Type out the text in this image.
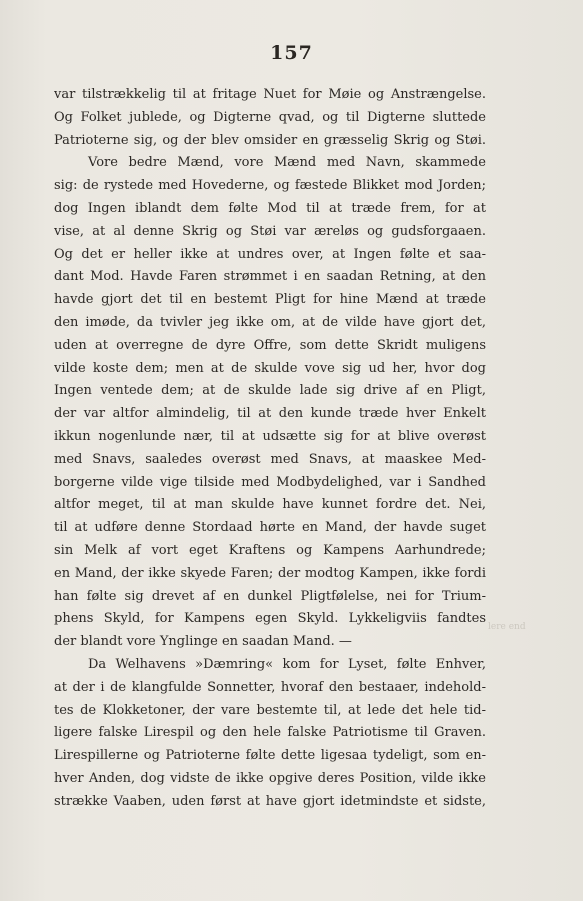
157
var tilstrækkelig til at fritage Nuet for Møie og Anstrængelse.
Og Folket jublede, og Digterne qvad, og til Digterne sluttede
Patrioterne sig, og der blev omsider en græsselig Skrig og Støi.
Vore bedre Mænd, vore Mænd med Navn, skammede
sig: de rystede med Hovederne, og fæstede Blikket mod Jorden;
dog Ingen iblandt dem følte Mod til at træde frem, for at
vise, at al denne Skrig og Støi var æreløs og gudsforgaaen.
Og det er heller ikke at undres over, at Ingen følte et saa-
dant Mod. Havde Faren strømmet i en saadan Retning, at den
havde gjort det til en bestemt Pligt for hine Mænd at træde
den imøde, da tvivler jeg ikke om, at de vilde have gjort det,
uden at overregne de dyre Offre, som dette Skridt muligens
vilde koste dem; men at de skulde vove sig ud her, hvor dog
Ingen ventede dem; at de skulde lade sig drive af en Pligt,
der var altfor almindelig, til at den kunde træde hver Enkelt
ikkun nogenlunde nær, til at udsætte sig for at blive overøst
med Snavs, saaledes overøst med Snavs, at maaskee Med-
borgerne vilde vige tilside med Modbydelighed, var i Sandhed
altfor meget, til at man skulde have kunnet fordre det. Nei,
til at udføre denne Stordaad hørte en Mand, der havde suget
sin Melk af vort eget Kraftens og Kampens Aarhundrede;
en Mand, der ikke skyede Faren; der modtog Kampen, ikke fordi
han følte sig drevet af en dunkel Pligtfølelse, nei for Trium-
phens Skyld, for Kampens egen Skyld. Lykkeligviis fandtes
der blandt vore Ynglinge en saadan Mand. —
Da Welhavens »Dæmring« kom for Lyset, følte Enhver,
at der i de klangfulde Sonnetter, hvoraf den bestaaer, indehold-
tes de Klokketoner, der vare bestemte til, at lede det hele tid-
ligere falske Lirespil og den hele falske Patriotisme til Graven.
Lirespillerne og Patrioterne følte dette ligesaa tydeligt, som en-
hver Anden, dog vidste de ikke opgive deres Position, vilde ikke
strække Vaaben, uden først at have gjort idetmindste et sidste,
lere end
